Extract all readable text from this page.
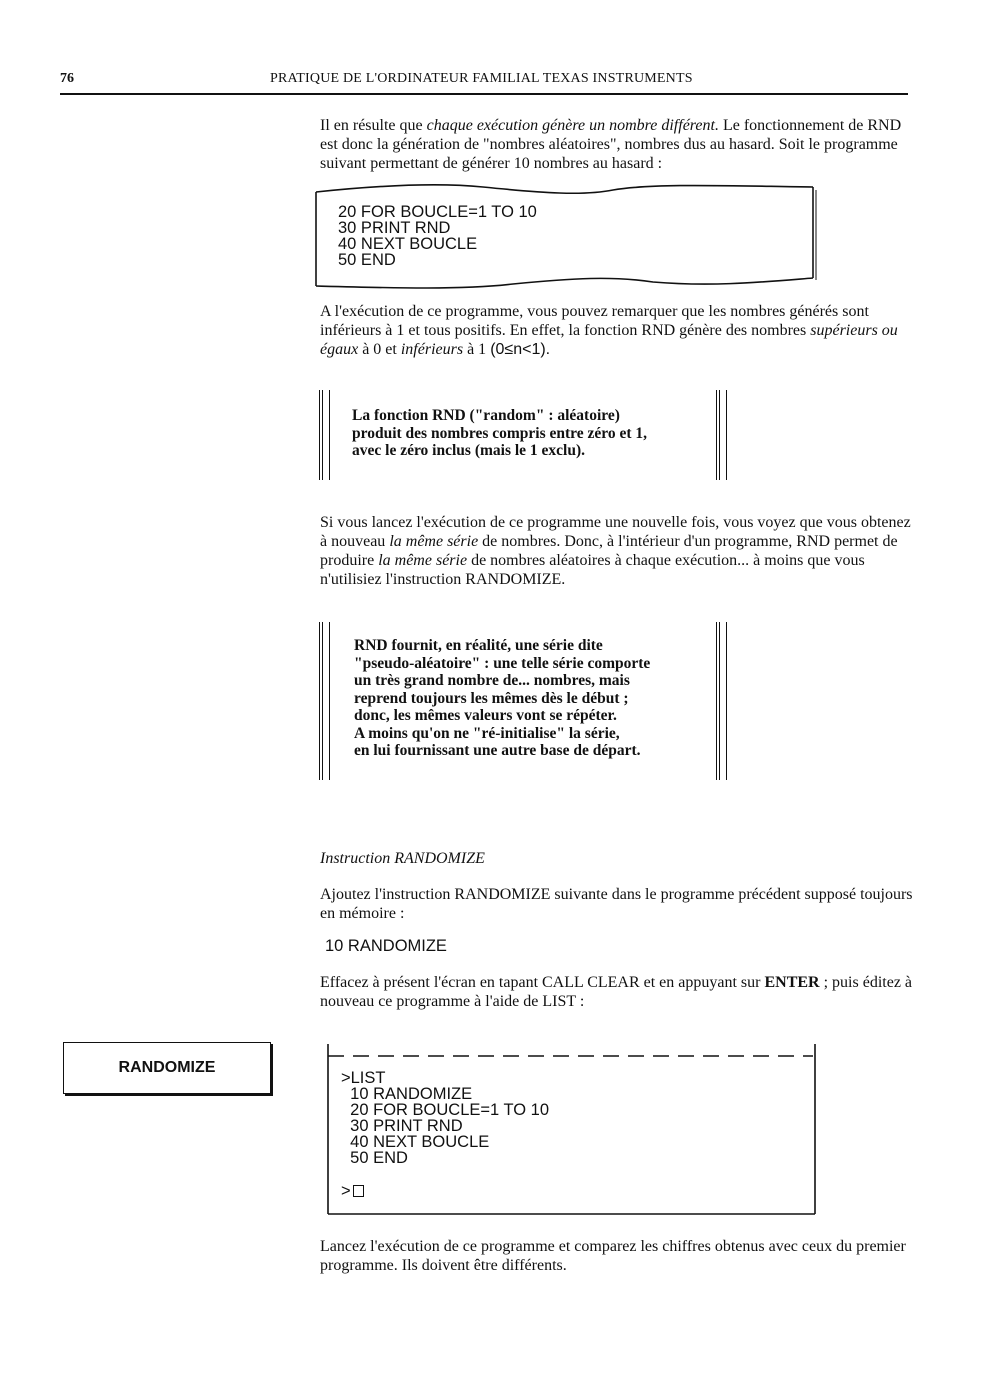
76	PRATIQUE DE L'ORDINATEUR FAMILIAL TEXAS INSTRUMENTS

Il en résulte que chaque exécution génère un nombre différent. Le fonctionnement de RND est donc la génération de "nombres aléatoires", nombres dus au hasard. Soit le programme suivant permettant de générer 10 nombres au hasard :

20 FOR BOUCLE=1 TO 10
30 PRINT RND
40 NEXT BOUCLE
50 END

A l'exécution de ce programme, vous pouvez remarquer que les nombres générés sont inférieurs à 1 et tous positifs. En effet, la fonction RND génère des nombres supérieurs ou égaux à 0 et inférieurs à 1 (0≤n<1).

La fonction RND ("random" : aléatoire)
produit des nombres compris entre zéro et 1,
avec le zéro inclus (mais le 1 exclu).

Si vous lancez l'exécution de ce programme une nouvelle fois, vous voyez que vous obtenez à nouveau la même série de nombres. Donc, à l'intérieur d'un programme, RND permet de produire la même série de nombres aléatoires à chaque exécution... à moins que vous n'utilisiez l'instruction RANDOMIZE.

RND fournit, en réalité, une série dite
"pseudo-aléatoire" : une telle série comporte
un très grand nombre de... nombres, mais
reprend toujours les mêmes dès le début ;
donc, les mêmes valeurs vont se répéter.
A moins qu'on ne "ré-initialise" la série,
en lui fournissant une autre base de départ.

Instruction RANDOMIZE

Ajoutez l'instruction RANDOMIZE suivante dans le programme précédent supposé toujours en mémoire :

10 RANDOMIZE

Effacez à présent l'écran en tapant CALL CLEAR et en appuyant sur ENTER ; puis éditez à nouveau ce programme à l'aide de LIST :

RANDOMIZE
>LIST
10 RANDOMIZE
20 FOR BOUCLE=1 TO 10
30 PRINT RND
40 NEXT BOUCLE
50 END
>

Lancez l'exécution de ce programme et comparez les chiffres obtenus avec ceux du premier programme. Ils doivent être différents.
